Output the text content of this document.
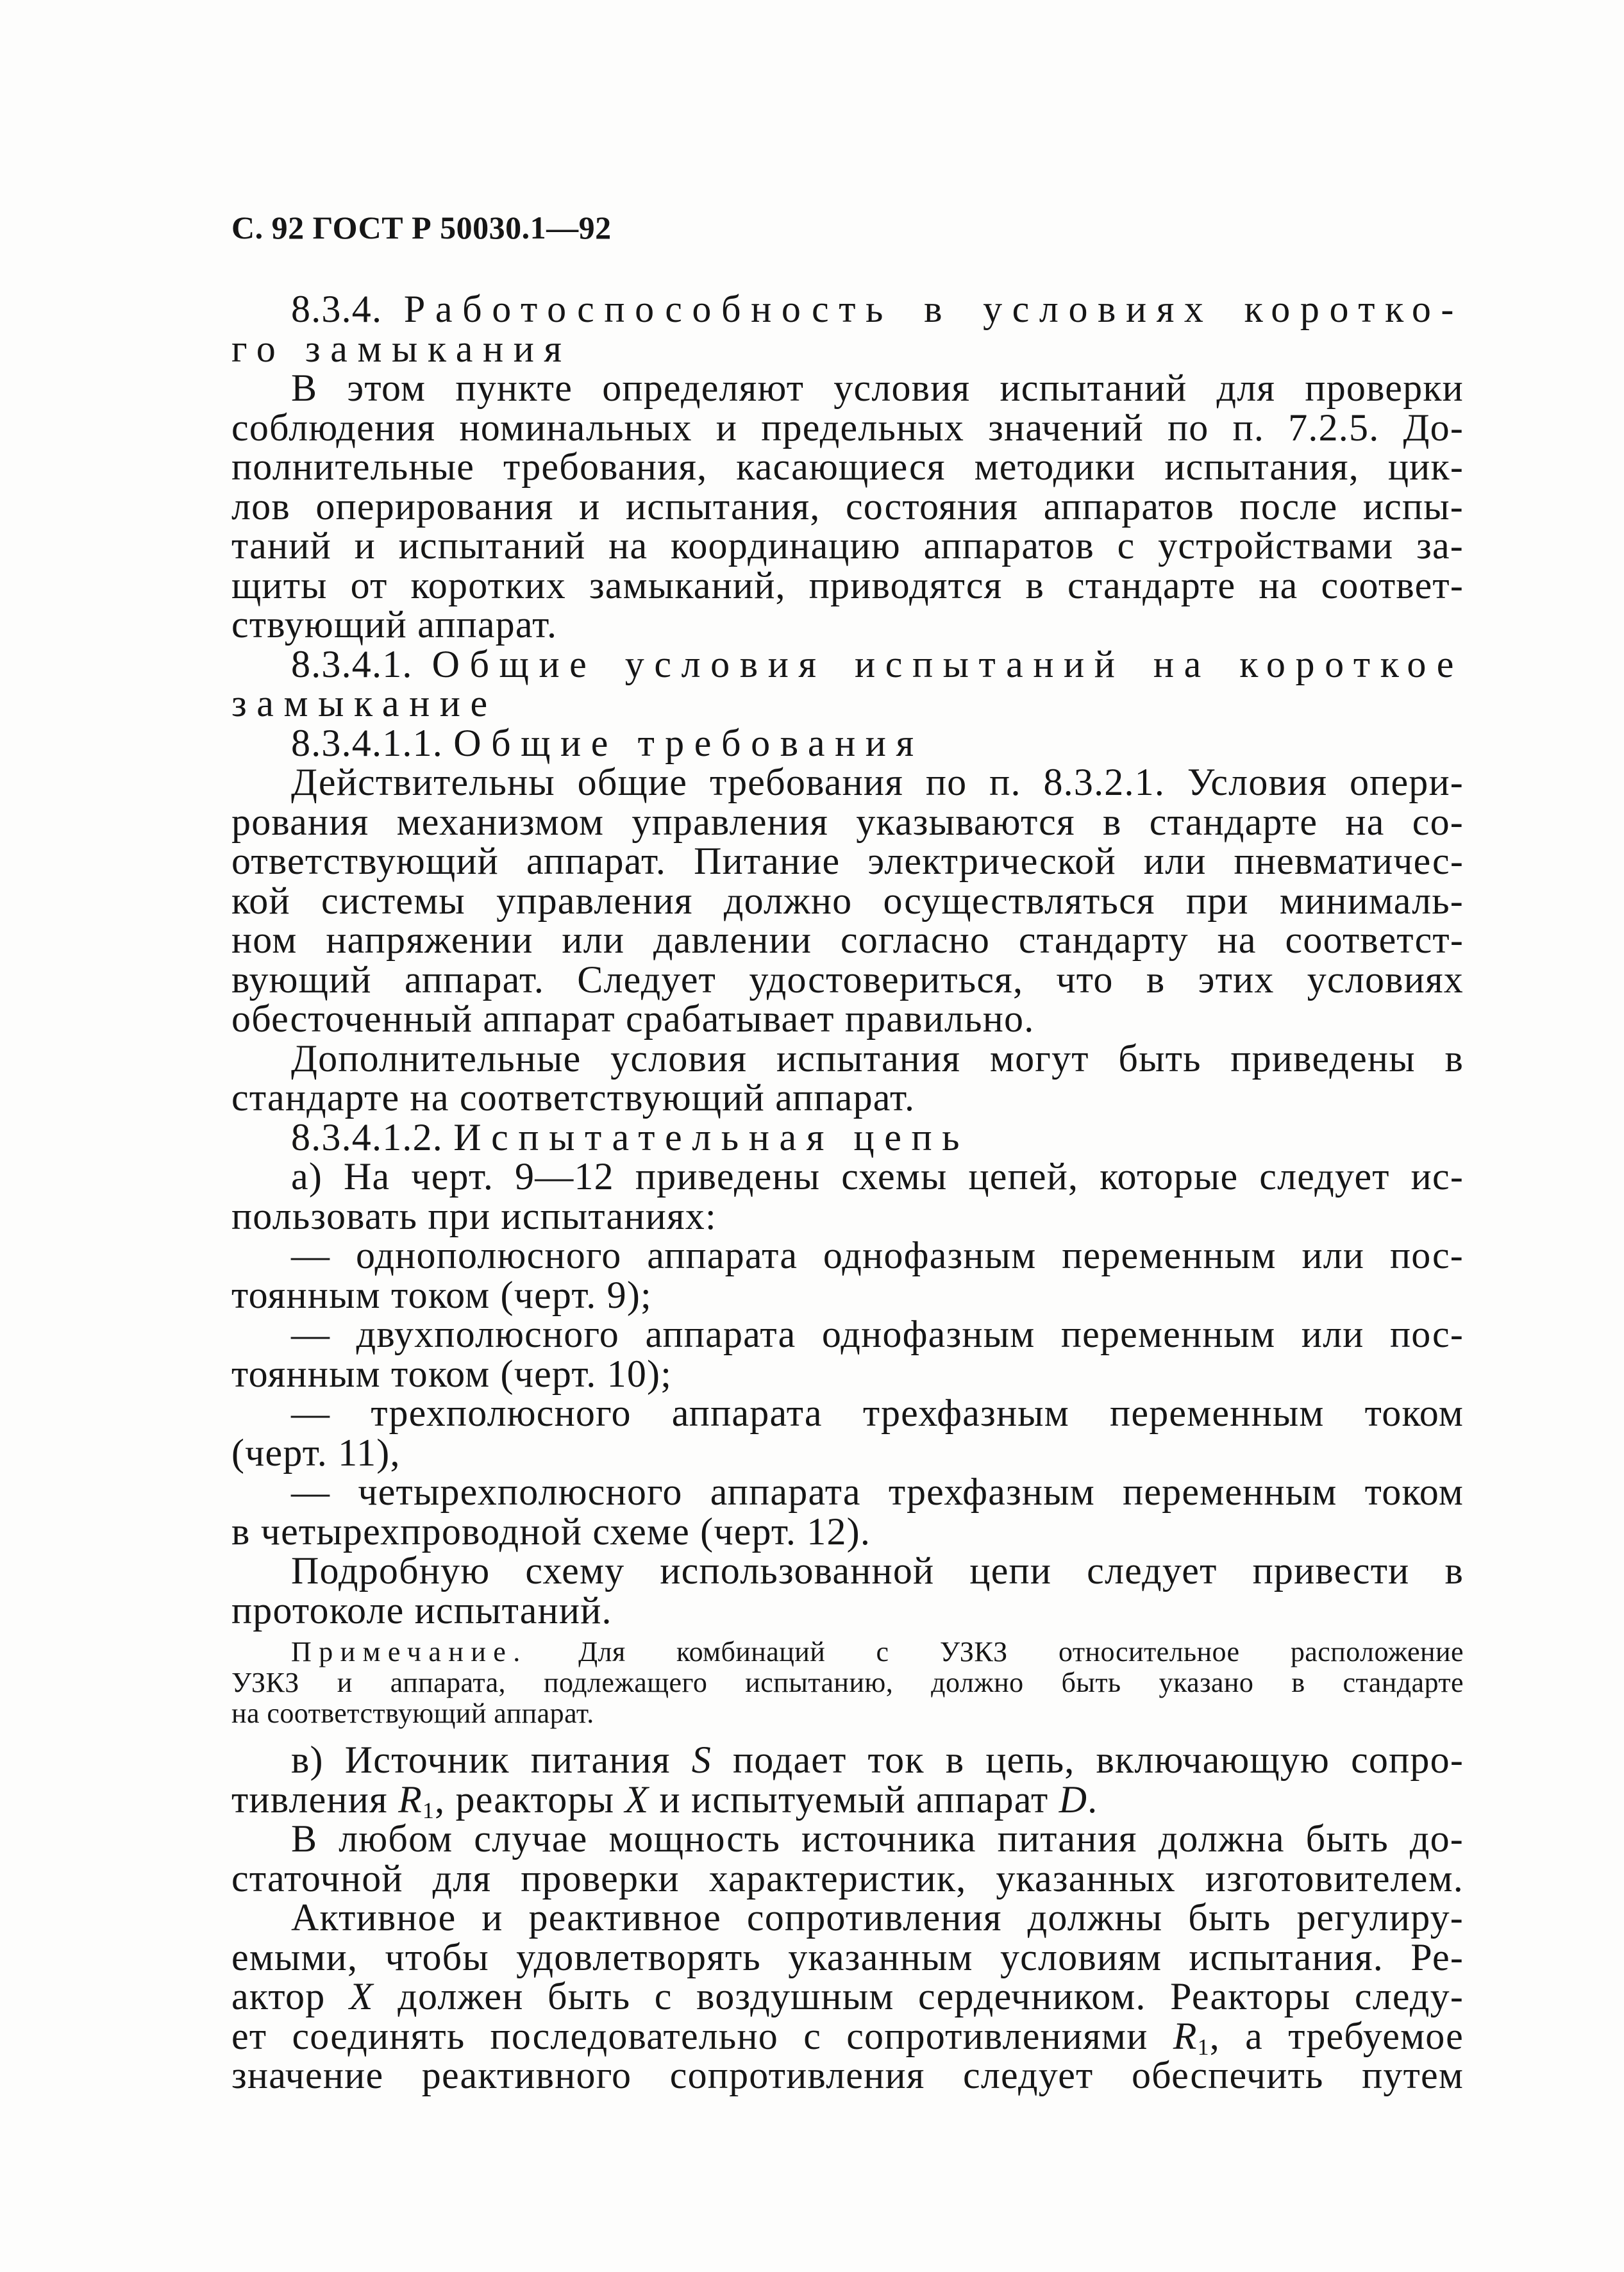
С. 92 ГОСТ Р 50030.1—92
8.3.4. Работоспособность в условиях коротко-
го замыкания
В этом пункте определяют условия испытаний для проверки
соблюдения номинальных и предельных значений по п. 7.2.5. До-
полнительные требования, касающиеся методики испытания, цик-
лов оперирования и испытания, состояния аппаратов после испы-
таний и испытаний на координацию аппаратов с устройствами за-
щиты от коротких замыканий, приводятся в стандарте на соответ-
ствующий аппарат.
8.3.4.1. Общие условия испытаний на короткое
замыкание
8.3.4.1.1. Общие требования
Действительны общие требования по п. 8.3.2.1. Условия опери-
рования механизмом управления указываются в стандарте на со-
ответствующий аппарат. Питание электрической или пневматичес-
кой системы управления должно осуществляться при минималь-
ном напряжении или давлении согласно стандарту на соответст-
вующий аппарат. Следует удостовериться, что в этих условиях
обесточенный аппарат срабатывает правильно.
Дополнительные условия испытания могут быть приведены в
стандарте на соответствующий аппарат.
8.3.4.1.2. Испытательная цепь
а) На черт. 9—12 приведены схемы цепей, которые следует ис-
пользовать при испытаниях:
— однополюсного аппарата однофазным переменным или пос-
тоянным током (черт. 9);
— двухполюсного аппарата однофазным переменным или пос-
тоянным током (черт. 10);
— трехполюсного аппарата трехфазным переменным током
(черт. 11),
— четырехполюсного аппарата трехфазным переменным током
в четырехпроводной схеме (черт. 12).
Подробную схему использованной цепи следует привести в
протоколе испытаний.
Примечание. Для комбинаций с УЗКЗ относительное расположение
УЗКЗ и аппарата, подлежащего испытанию, должно быть указано в стандарте
на соответствующий аппарат.
в) Источник питания S подает ток в цепь, включающую сопро-
тивления $R_1$, реакторы X и испытуемый аппарат D.
В любом случае мощность источника питания должна быть до-
статочной для проверки характеристик, указанных изготовителем.
Активное и реактивное сопротивления должны быть регулиру-
емыми, чтобы удовлетворять указанным условиям испытания. Ре-
актор X должен быть с воздушным сердечником. Реакторы следу-
ет соединять последовательно с сопротивлениями $R_1$, а требуемое
значение реактивного сопротивления следует обеспечить путем
